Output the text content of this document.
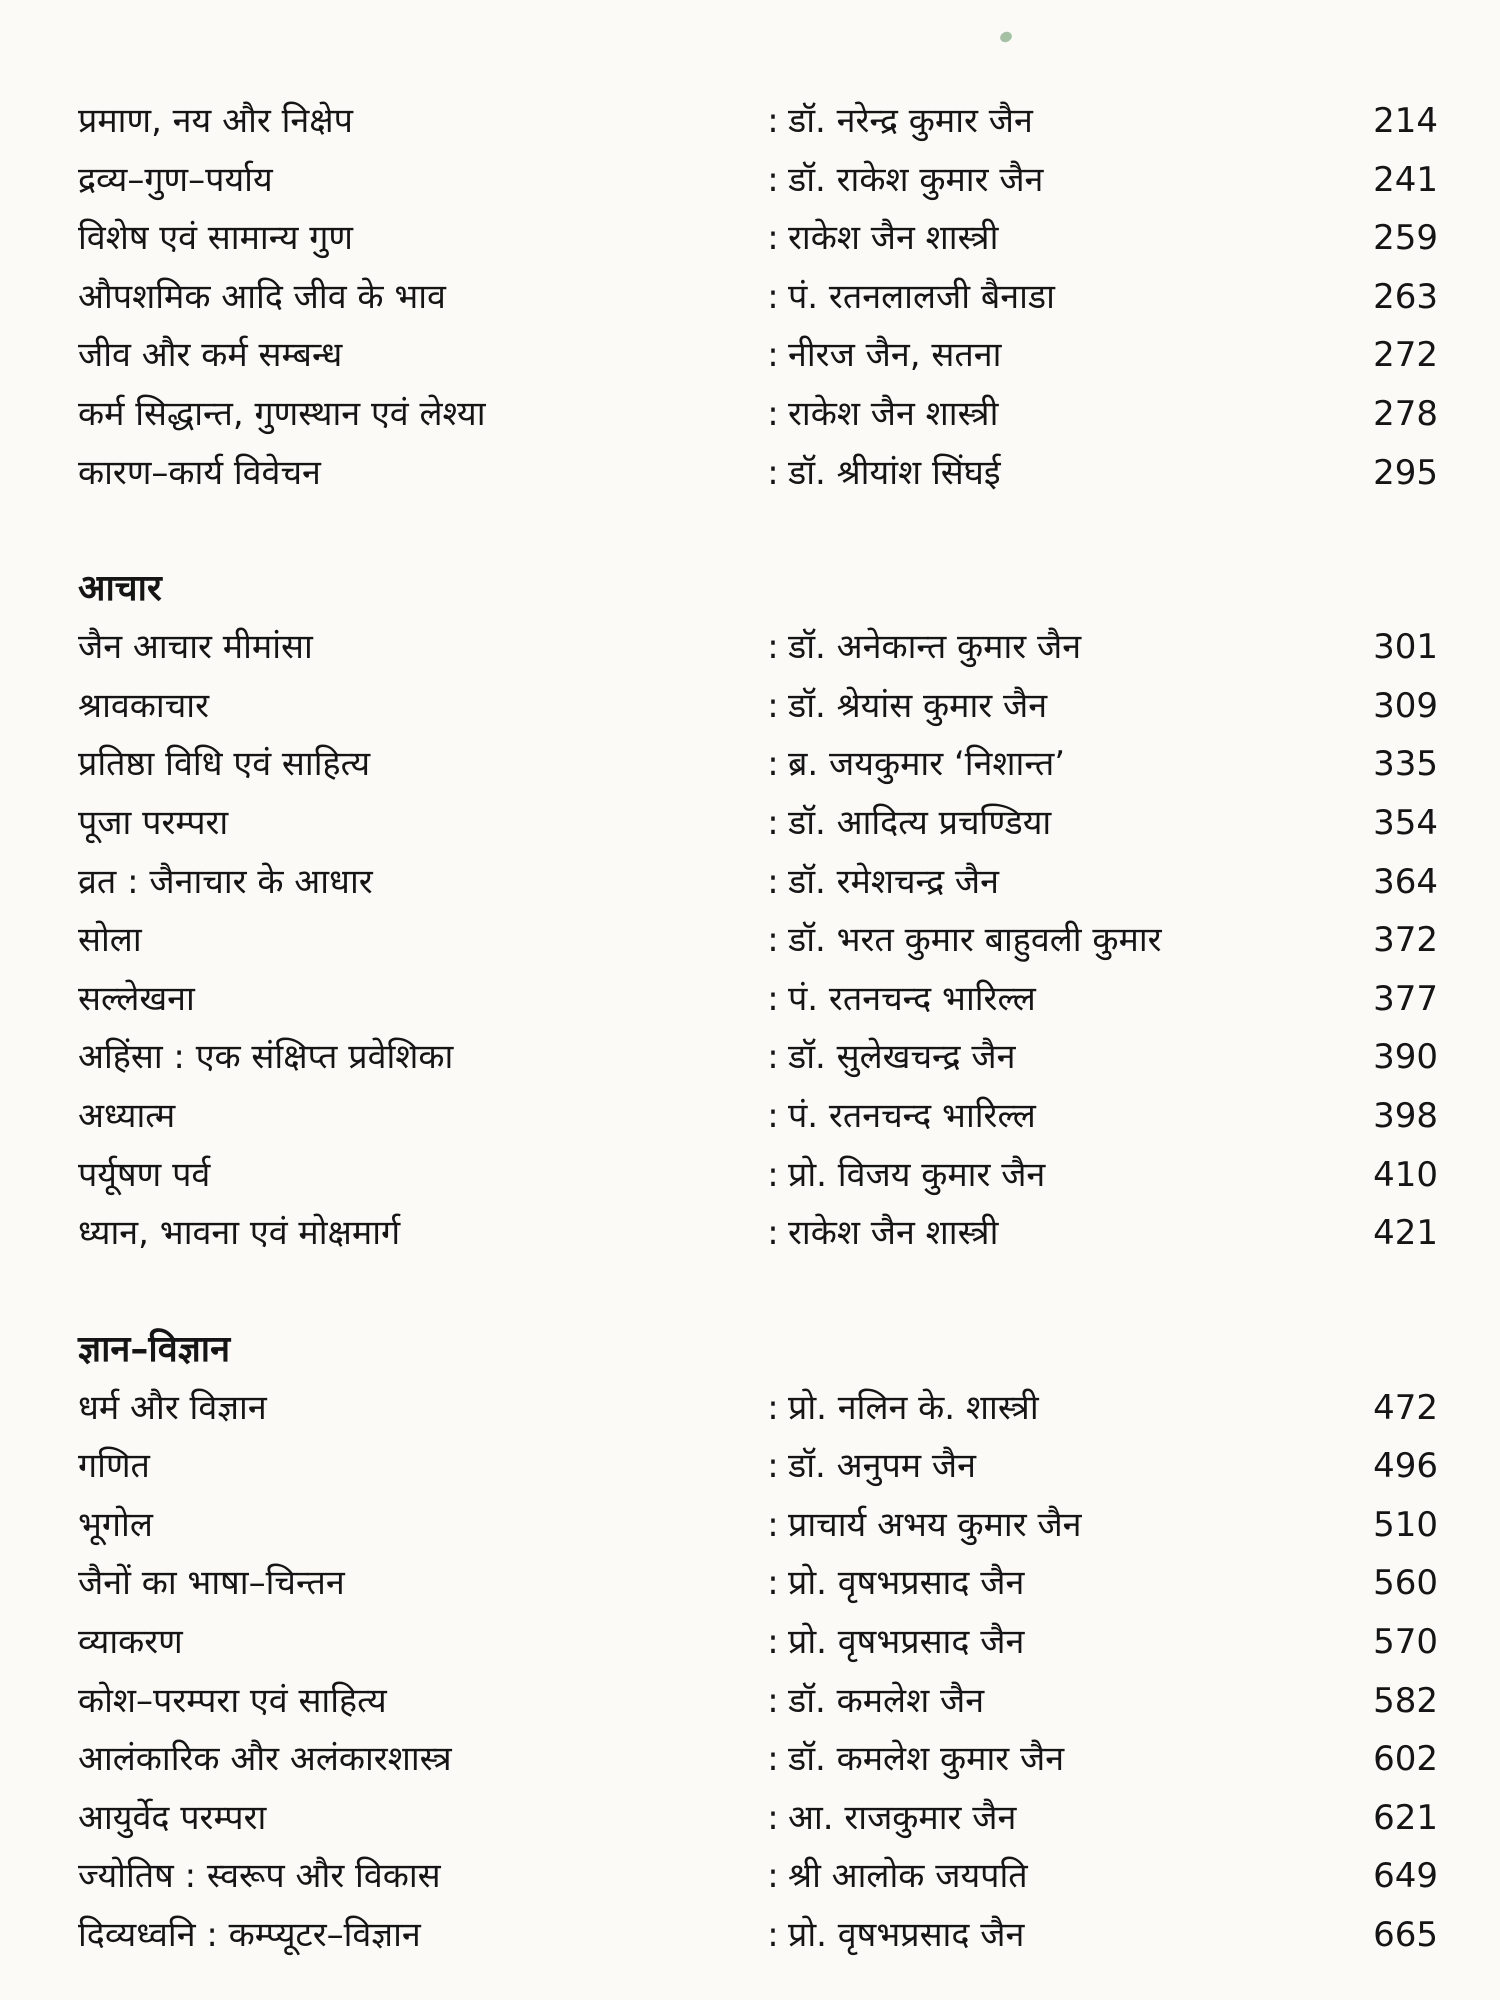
प्रमाण, नय और निक्षेप	: डॉ. नरेन्द्र कुमार जैन	214
द्रव्य–गुण–पर्याय	: डॉ. राकेश कुमार जैन	241
विशेष एवं सामान्य गुण	: राकेश जैन शास्त्री	259
औपशमिक आदि जीव के भाव	: पं. रतनलालजी बैनाडा	263
जीव और कर्म सम्बन्ध	: नीरज जैन, सतना	272
कर्म सिद्धान्त, गुणस्थान एवं लेश्या	: राकेश जैन शास्त्री	278
कारण–कार्य विवेचन	: डॉ. श्रीयांश सिंघई	295
आचार
जैन आचार मीमांसा	: डॉ. अनेकान्त कुमार जैन	301
श्रावकाचार	: डॉ. श्रेयांस कुमार जैन	309
प्रतिष्ठा विधि एवं साहित्य	: ब्र. जयकुमार ‘निशान्त’	335
पूजा परम्परा	: डॉ. आदित्य प्रचण्डिया	354
व्रत : जैनाचार के आधार	: डॉ. रमेशचन्द्र जैन	364
सोला	: डॉ. भरत कुमार बाहुवली कुमार	372
सल्लेखना	: पं. रतनचन्द भारिल्ल	377
अहिंसा : एक संक्षिप्त प्रवेशिका	: डॉ. सुलेखचन्द्र जैन	390
अध्यात्म	: पं. रतनचन्द भारिल्ल	398
पर्यूषण पर्व	: प्रो. विजय कुमार जैन	410
ध्यान, भावना एवं मोक्षमार्ग	: राकेश जैन शास्त्री	421
ज्ञान–विज्ञान
धर्म और विज्ञान	: प्रो. नलिन के. शास्त्री	472
गणित	: डॉ. अनुपम जैन	496
भूगोल	: प्राचार्य अभय कुमार जैन	510
जैनों का भाषा–चिन्तन	: प्रो. वृषभप्रसाद जैन	560
व्याकरण	: प्रो. वृषभप्रसाद जैन	570
कोश–परम्परा एवं साहित्य	: डॉ. कमलेश जैन	582
आलंकारिक और अलंकारशास्त्र	: डॉ. कमलेश कुमार जैन	602
आयुर्वेद परम्परा	: आ. राजकुमार जैन	621
ज्योतिष : स्वरूप और विकास	: श्री आलोक जयपति	649
दिव्यध्वनि : कम्प्यूटर–विज्ञान	: प्रो. वृषभप्रसाद जैन	665
